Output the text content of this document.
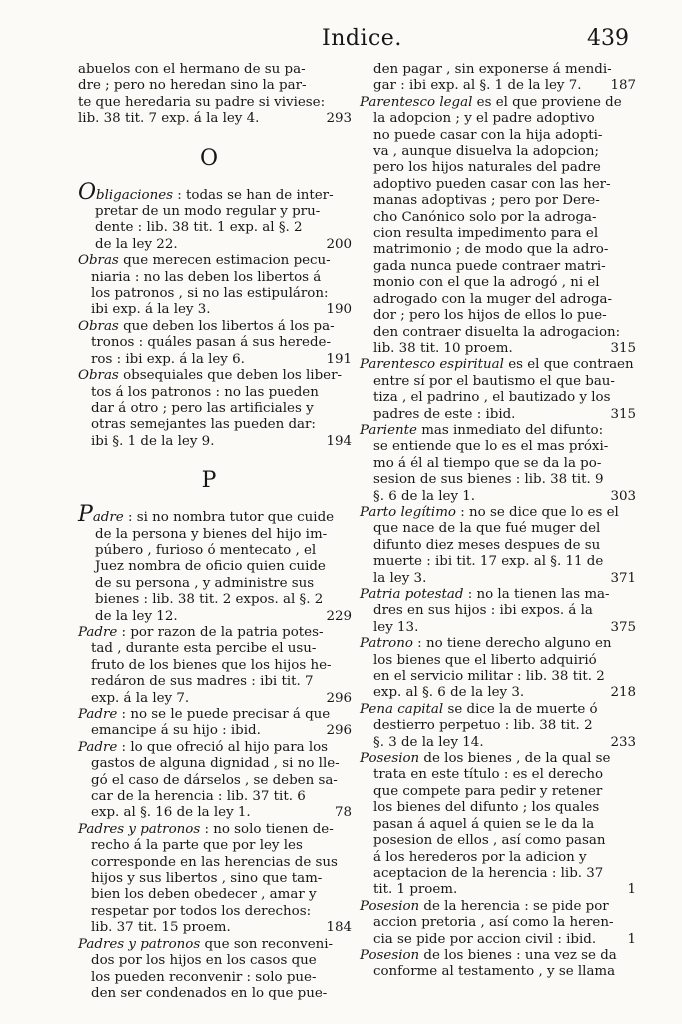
Indice.	439
abuelos con el hermano de su pa-
dre ; pero no heredan sino la par-
te que heredaria su padre si viviese:
lib. 38 tit. 7 exp. á la ley 4.	293
O
Obligaciones : todas se han de inter-
pretar de un modo regular y pru-
dente : lib. 38 tit. 1 exp. al §. 2
de la ley 22.	200
Obras que merecen estimacion pecu-
niaria : no las deben los libertos á
los patronos , si no las estipuláron:
ibi exp. á la ley 3.	190
Obras que deben los libertos á los pa-
tronos : quáles pasan á sus herede-
ros : ibi exp. á la ley 6.	191
Obras obsequiales que deben los liber-
tos á los patronos : no las pueden
dar á otro ; pero las artificiales y
otras semejantes las pueden dar:
ibi §. 1 de la ley 9.	194
P
Padre : si no nombra tutor que cuide
de la persona y bienes del hijo im-
púbero , furioso ó mentecato , el
Juez nombra de oficio quien cuide
de su persona , y administre sus
bienes : lib. 38 tit. 2 expos. al §. 2
de la ley 12.	229
Padre : por razon de la patria potes-
tad , durante esta percibe el usu-
fruto de los bienes que los hijos he-
redáron de sus madres : ibi tit. 7
exp. á la ley 7.	296
Padre : no se le puede precisar á que
emancipe á su hijo : ibid.	296
Padre : lo que ofreció al hijo para los
gastos de alguna dignidad , si no lle-
gó el caso de dárselos , se deben sa-
car de la herencia : lib. 37 tit. 6
exp. al §. 16 de la ley 1.	78
Padres y patronos : no solo tienen de-
recho á la parte que por ley les
corresponde en las herencias de sus
hijos y sus libertos , sino que tam-
bien los deben obedecer , amar y
respetar por todos los derechos:
lib. 37 tit. 15 proem.	184
Padres y patronos que son reconveni-
dos por los hijos en los casos que
los pueden reconvenir : solo pue-
den ser condenados en lo que pue-
den pagar , sin exponerse á mendi-
gar : ibi exp. al §. 1 de la ley 7.	187
Parentesco legal es el que proviene de
la adopcion ; y el padre adoptivo
no puede casar con la hija adopti-
va , aunque disuelva la adopcion;
pero los hijos naturales del padre
adoptivo pueden casar con las her-
manas adoptivas ; pero por Dere-
cho Canónico solo por la adroga-
cion resulta impedimento para el
matrimonio ; de modo que la adro-
gada nunca puede contraer matri-
monio con el que la adrogó , ni el
adrogado con la muger del adroga-
dor ; pero los hijos de ellos lo pue-
den contraer disuelta la adrogacion:
lib. 38 tit. 10 proem.	315
Parentesco espiritual es el que contraen
entre sí por el bautismo el que bau-
tiza , el padrino , el bautizado y los
padres de este : ibid.	315
Pariente mas inmediato del difunto:
se entiende que lo es el mas próxi-
mo á él al tiempo que se da la po-
sesion de sus bienes : lib. 38 tit. 9
§. 6 de la ley 1.	303
Parto legítimo : no se dice que lo es el
que nace de la que fué muger del
difunto diez meses despues de su
muerte : ibi tit. 17 exp. al §. 11 de
la ley 3.	371
Patria potestad : no la tienen las ma-
dres en sus hijos : ibi expos. á la
ley 13.	375
Patrono : no tiene derecho alguno en
los bienes que el liberto adquirió
en el servicio militar : lib. 38 tit. 2
exp. al §. 6 de la ley 3.	218
Pena capital se dice la de muerte ó
destierro perpetuo : lib. 38 tit. 2
§. 3 de la ley 14.	233
Posesion de los bienes , de la qual se
trata en este título : es el derecho
que compete para pedir y retener
los bienes del difunto ; los quales
pasan á aquel á quien se le da la
posesion de ellos , así como pasan
á los herederos por la adicion y
aceptacion de la herencia : lib. 37
tit. 1 proem.	1
Posesion de la herencia : se pide por
accion pretoria , así como la heren-
cia se pide por accion civil : ibid.	1
Posesion de los bienes : una vez se da
conforme al testamento , y se llama
